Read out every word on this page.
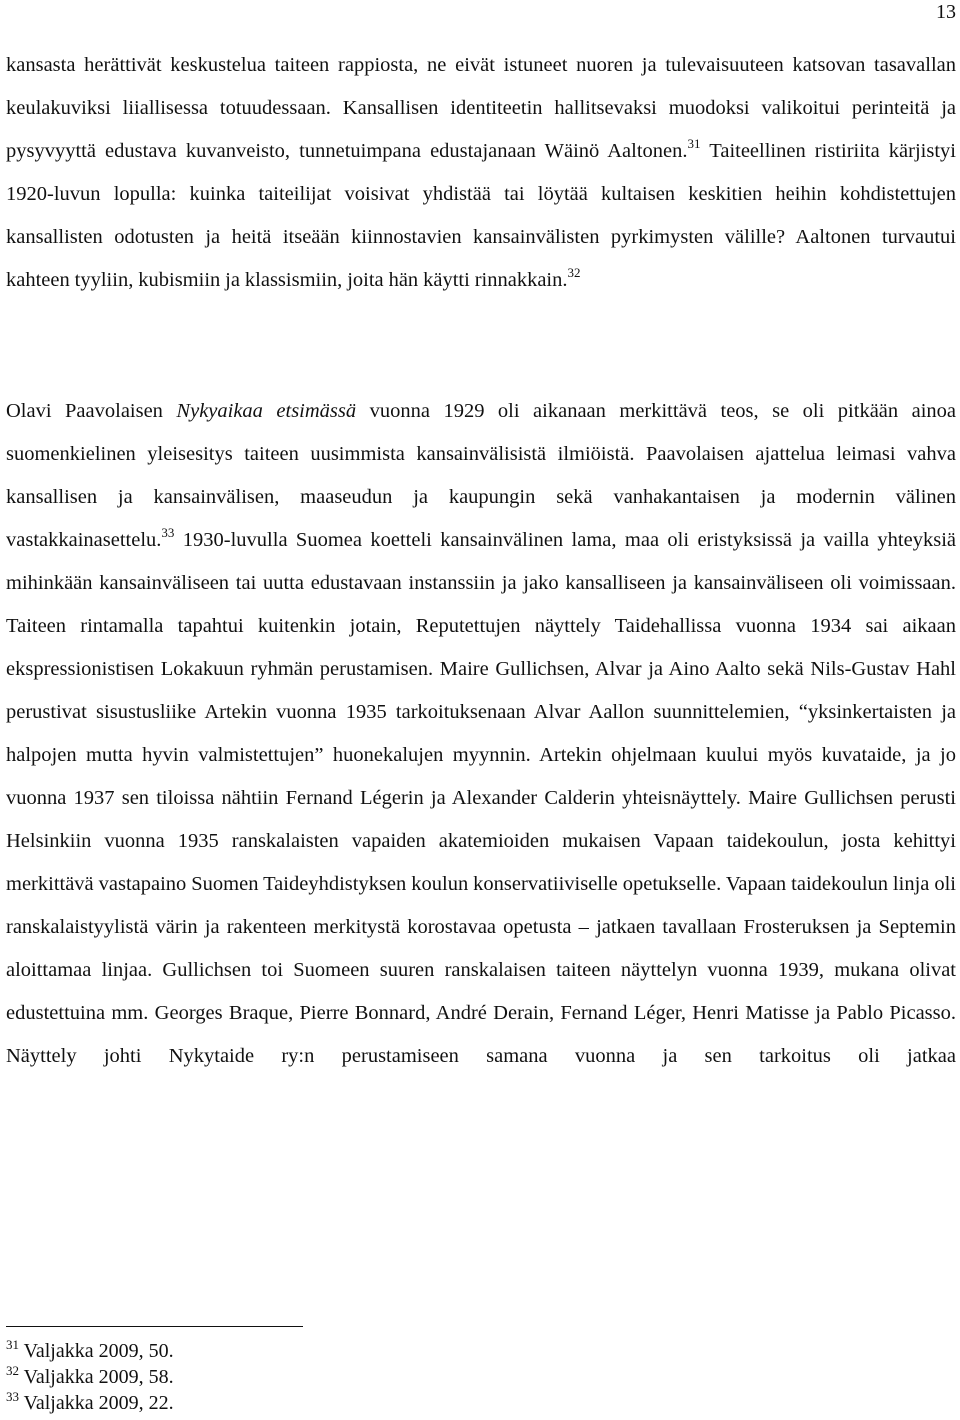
13

kansasta herättivät keskustelua taiteen rappiosta, ne eivät istuneet nuoren ja tulevaisuuteen katsovan tasavallan keulakuviksi liiallisessa totuudessaan. Kansallisen identiteetin hallitsevaksi muodoksi valikoitui perinteitä ja pysyvyyttä edustava kuvanveisto, tunnetuimpana edustajanaan Wäinö Aaltonen.$^{31}$ Taiteellinen ristiriita kärjistyi 1920-luvun lopulla: kuinka taiteilijat voisivat yhdistää tai löytää kultaisen keskitien heihin kohdistettujen kansallisten odotusten ja heitä itseään kiinnostavien kansainvälisten pyrkimysten välille? Aaltonen turvautui kahteen tyyliin, kubismiin ja klassismiin, joita hän käytti rinnakkain.$^{32}$

Olavi Paavolaisen Nykyaikaa etsimässä vuonna 1929 oli aikanaan merkittävä teos, se oli pitkään ainoa suomenkielinen yleisesitys taiteen uusimmista kansainvälisistä ilmiöistä. Paavolaisen ajattelua leimasi vahva kansallisen ja kansainvälisen, maaseudun ja kaupungin sekä vanhakantaisen ja modernin välinen vastakkainasettelu.$^{33}$ 1930-luvulla Suomea koetteli kansainvälinen lama, maa oli eristyksissä ja vailla yhteyksiä mihinkään kansainväliseen tai uutta edustavaan instanssiin ja jako kansalliseen ja kansainväliseen oli voimissaan. Taiteen rintamalla tapahtui kuitenkin jotain, Reputettujen näyttely Taidehallissa vuonna 1934 sai aikaan ekspressionistisen Lokakuun ryhmän perustamisen. Maire Gullichsen, Alvar ja Aino Aalto sekä Nils-Gustav Hahl perustivat sisustusliike Artekin vuonna 1935 tarkoituksenaan Alvar Aallon suunnittelemien, “yksinkertaisten ja halpojen mutta hyvin valmistettujen” huonekalujen myynnin. Artekin ohjelmaan kuului myös kuvataide, ja jo vuonna 1937 sen tiloissa nähtiin Fernand Légerin ja Alexander Calderin yhteisnäyttely. Maire Gullichsen perusti Helsinkiin vuonna 1935 ranskalaisten vapaiden akatemioiden mukaisen Vapaan taidekoulun, josta kehittyi merkittävä vastapaino Suomen Taideyhdistyksen koulun konservatiiviselle opetukselle. Vapaan taidekoulun linja oli ranskalaistyylistä värin ja rakenteen merkitystä korostavaa opetusta – jatkaen tavallaan Frosteruksen ja Septemin aloittamaa linjaa. Gullichsen toi Suomeen suuren ranskalaisen taiteen näyttelyn vuonna 1939, mukana olivat edustettuina mm. Georges Braque, Pierre Bonnard, André Derain, Fernand Léger, Henri Matisse ja Pablo Picasso. Näyttely johti Nykytaide ry:n perustamiseen samana vuonna ja sen tarkoitus oli jatkaa

$^{31}$ Valjakka 2009, 50.

$^{32}$ Valjakka 2009, 58.

$^{33}$ Valjakka 2009, 22.
